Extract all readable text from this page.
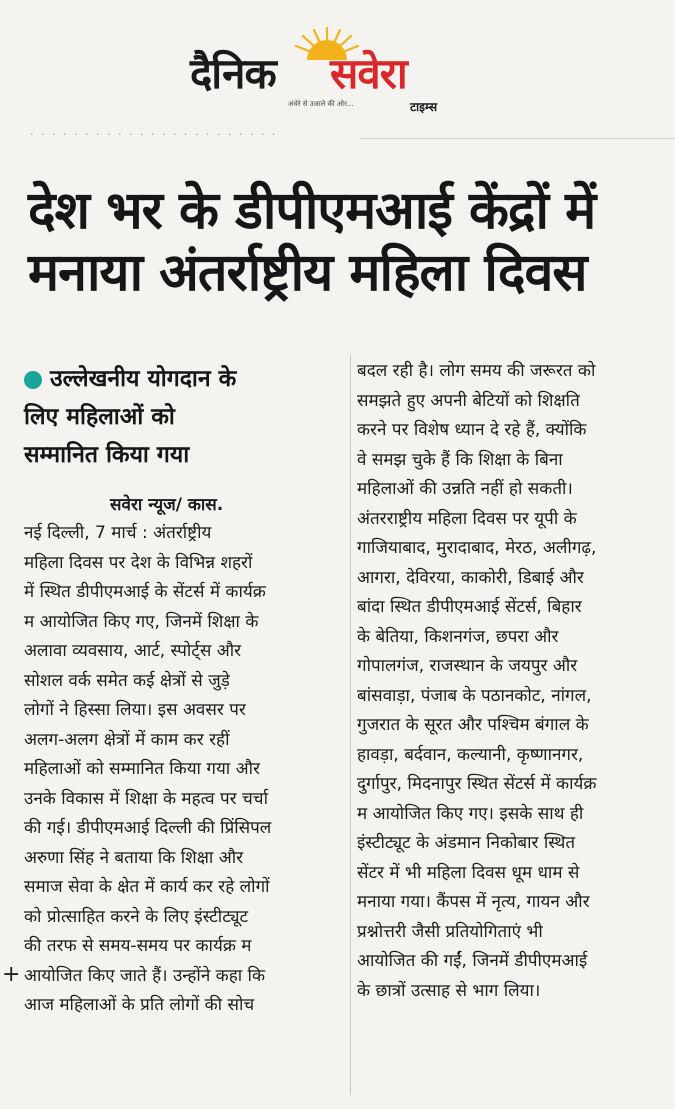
दैनिक सवेरा
अंधेरे से उजाले की ओर...	टाइम्स
· · · · · · · · · · · · · · · · · · · · · · ·
देश भर के डीपीएमआई केंद्रों में
मनाया अंतर्राष्ट्रीय महिला दिवस
उल्लेखनीय योगदान के
लिए महिलाओं को
सम्मानित किया गया
सवेरा न्यूज/ कास.
नई दिल्ली, 7 मार्च : अंतर्राष्ट्रीय
महिला दिवस पर देश के विभिन्न शहरों
में स्थित डीपीएमआई के सेंटर्स में कार्यक्र
म आयोजित किए गए, जिनमें शिक्षा के
अलावा व्यवसाय, आर्ट, स्पोर्ट्स और
सोशल वर्क समेत कई क्षेत्रों से जुड़े
लोगों ने हिस्सा लिया। इस अवसर पर
अलग-अलग क्षेत्रों में काम कर रहीं
महिलाओं को सम्मानित किया गया और
उनके विकास में शिक्षा के महत्व पर चर्चा
की गई। डीपीएमआई दिल्ली की प्रिंसिपल
अरुणा सिंह ने बताया कि शिक्षा और
समाज सेवा के क्षेत में कार्य कर रहे लोगों
को प्रोत्साहित करने के लिए इंस्टीट्यूट
की तरफ से समय-समय पर कार्यक्र म
आयोजित किए जाते हैं। उन्होंने कहा कि
आज महिलाओं के प्रति लोगों की सोच
+
बदल रही है। लोग समय की जरूरत को
समझते हुए अपनी बेटियों को शिक्षति
करने पर विशेष ध्यान दे रहे हैं, क्योंकि
वे समझ चुके हैं कि शिक्षा के बिना
महिलाओं की उन्नति नहीं हो सकती।
अंतरराष्ट्रीय महिला दिवस पर यूपी के
गाजियाबाद, मुरादाबाद, मेरठ, अलीगढ़,
आगरा, देविरया, काकोरी, डिबाई और
बांदा स्थित डीपीएमआई सेंटर्स, बिहार
के बेतिया, किशनगंज, छपरा और
गोपालगंज, राजस्थान के जयपुर और
बांसवाड़ा, पंजाब के पठानकोट, नांगल,
गुजरात के सूरत और पश्चिम बंगाल के
हावड़ा, बर्दवान, कल्यानी, कृष्णानगर,
दुर्गापुर, मिदनापुर स्थित सेंटर्स में कार्यक्र
म आयोजित किए गए। इसके साथ ही
इंस्टीट्यूट के अंडमान निकोबार स्थित
सेंटर में भी महिला दिवस धूम धाम से
मनाया गया। कैंपस में नृत्य, गायन और
प्रश्नोत्तरी जैसी प्रतियोगिताएं भी
आयोजित की गईं, जिनमें डीपीएमआई
के छात्रों उत्साह से भाग लिया।
